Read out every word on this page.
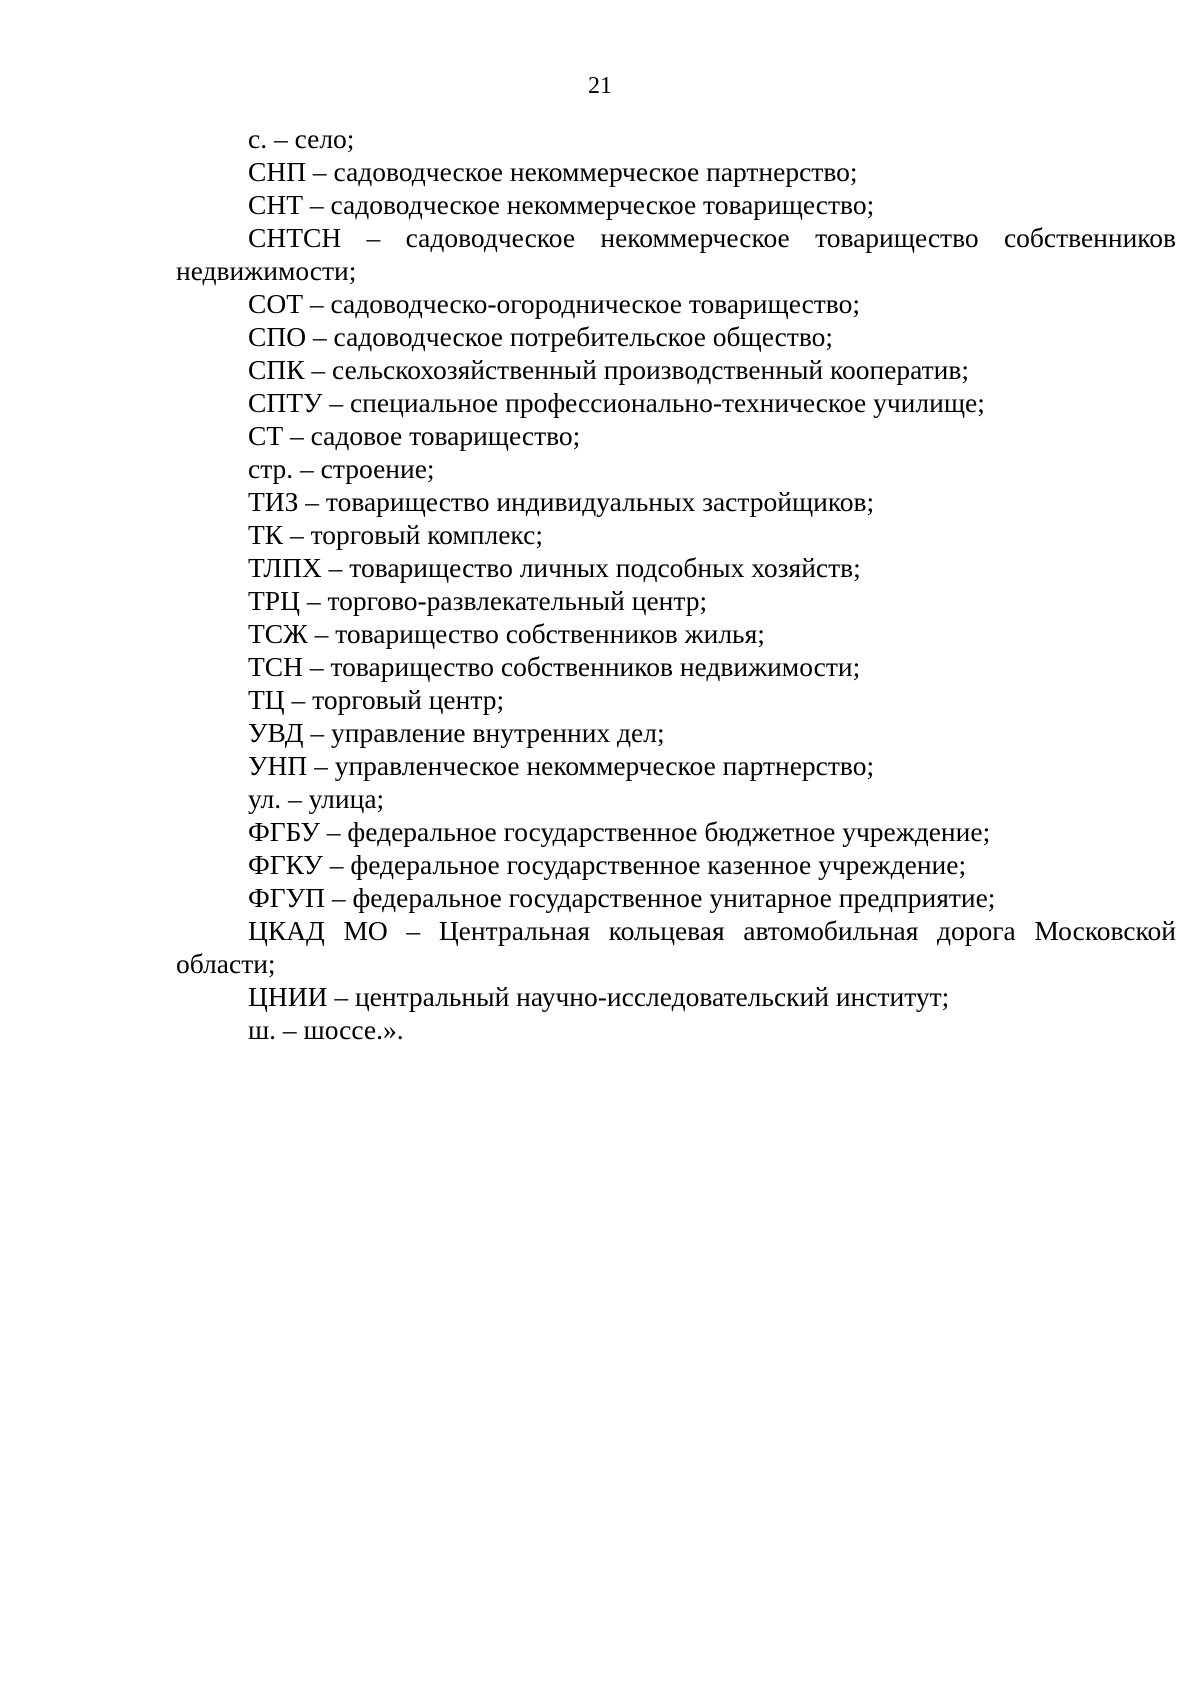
21
с. – село;
СНП – садоводческое некоммерческое партнерство;
СНТ – садоводческое некоммерческое товарищество;
СНТСН – садоводческое некоммерческое товарищество собственников недвижимости;
СОТ – садоводческо-огородническое товарищество;
СПО – садоводческое потребительское общество;
СПК – сельскохозяйственный производственный кооператив;
СПТУ – специальное профессионально-техническое училище;
СТ – садовое товарищество;
стр. – строение;
ТИЗ – товарищество индивидуальных застройщиков;
ТК – торговый комплекс;
ТЛПХ – товарищество личных подсобных хозяйств;
ТРЦ – торгово-развлекательный центр;
ТСЖ – товарищество собственников жилья;
ТСН – товарищество собственников недвижимости;
ТЦ – торговый центр;
УВД – управление внутренних дел;
УНП – управленческое некоммерческое партнерство;
ул. – улица;
ФГБУ – федеральное государственное бюджетное учреждение;
ФГКУ – федеральное государственное казенное учреждение;
ФГУП – федеральное государственное унитарное предприятие;
ЦКАД МО – Центральная кольцевая автомобильная дорога Московской области;
ЦНИИ – центральный научно-исследовательский институт;
ш. – шоссе.».
